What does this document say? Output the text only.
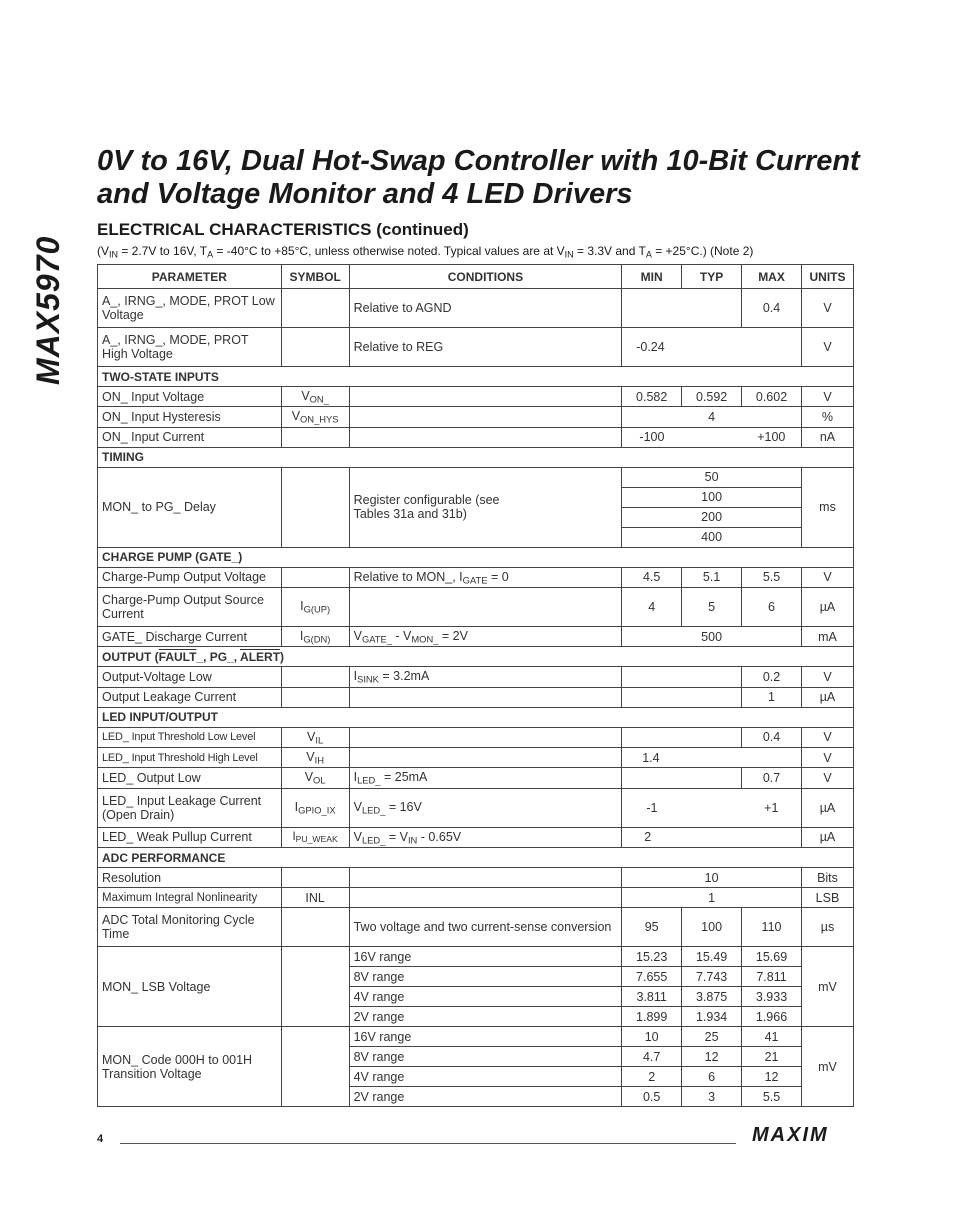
MAX5970
0V to 16V, Dual Hot-Swap Controller with 10-Bit Current and Voltage Monitor and 4 LED Drivers
ELECTRICAL CHARACTERISTICS (continued)
($V_{IN} = 2.7V$ to 16V, $T_A = -40^\circ C$ to +85°C, unless otherwise noted. Typical values are at $V_{IN} = 3.3V$ and $T_A = +25^\circ C$.) (Note 2)
PARAMETER	SYMBOL	CONDITIONS	MIN	TYP	MAX	UNITS
A_, IRNG_, MODE, PROT Low Voltage		Relative to AGND			0.4	V
A_, IRNG_, MODE, PROT High Voltage		Relative to REG	-0.24			V
TWO-STATE INPUTS						
ON_ Input Voltage	$V_{ON\_}$		0.582	0.592	0.602	V
ON_ Input Hysteresis	$V_{ON\_HYS}$		4			%
ON_ Input Current			-100		+100	nA
TIMING						
MON_ to PG_ Delay		Register configurable (see Tables 31a and 31b)	50			ms
			100			
			200			
			400			
CHARGE PUMP (GATE_)						
Charge-Pump Output Voltage		Relative to MON_, $I_{GATE} = 0$	4.5	5.1	5.5	V
Charge-Pump Output Source Current	$I_{G(UP)}$		4	5	6	µA
GATE_ Discharge Current	$I_{G(DN)}$	$V_{GATE\_} - V_{MON\_} = 2V$	500			mA
OUTPUT (FAULT_, PG_, ALERT)						
Output-Voltage Low		$I_{SINK} = 3.2mA$			0.2	V
Output Leakage Current					1	µA
LED INPUT/OUTPUT						
LED_ Input Threshold Low Level	$V_{IL}$				0.4	V
LED_ Input Threshold High Level	$V_{IH}$		1.4			V
LED_ Output Low	$V_{OL}$	$I_{LED\_} = 25mA$			0.7	V
LED_ Input Leakage Current (Open Drain)	$I_{GPIO\_IX}$	$V_{LED\_} = 16V$	-1		+1	µA
LED_ Weak Pullup Current	$I_{PU\_WEAK}$	$V_{LED\_} = V_{IN} - 0.65V$	2			µA
ADC PERFORMANCE						
Resolution			10			Bits
Maximum Integral Nonlinearity	INL		1			LSB
ADC Total Monitoring Cycle Time		Two voltage and two current-sense conversion	95	100	110	µs
MON_ LSB Voltage		16V range	15.23	15.49	15.69	mV
		8V range	7.655	7.743	7.811	
		4V range	3.811	3.875	3.933	
		2V range	1.899	1.934	1.966	
MON_ Code 000H to 001H Transition Voltage		16V range	10	25	41	mV
		8V range	4.7	12	21	
		4V range	2	6	12	
		2V range	0.5	3	5.5	
4	MAXIM
